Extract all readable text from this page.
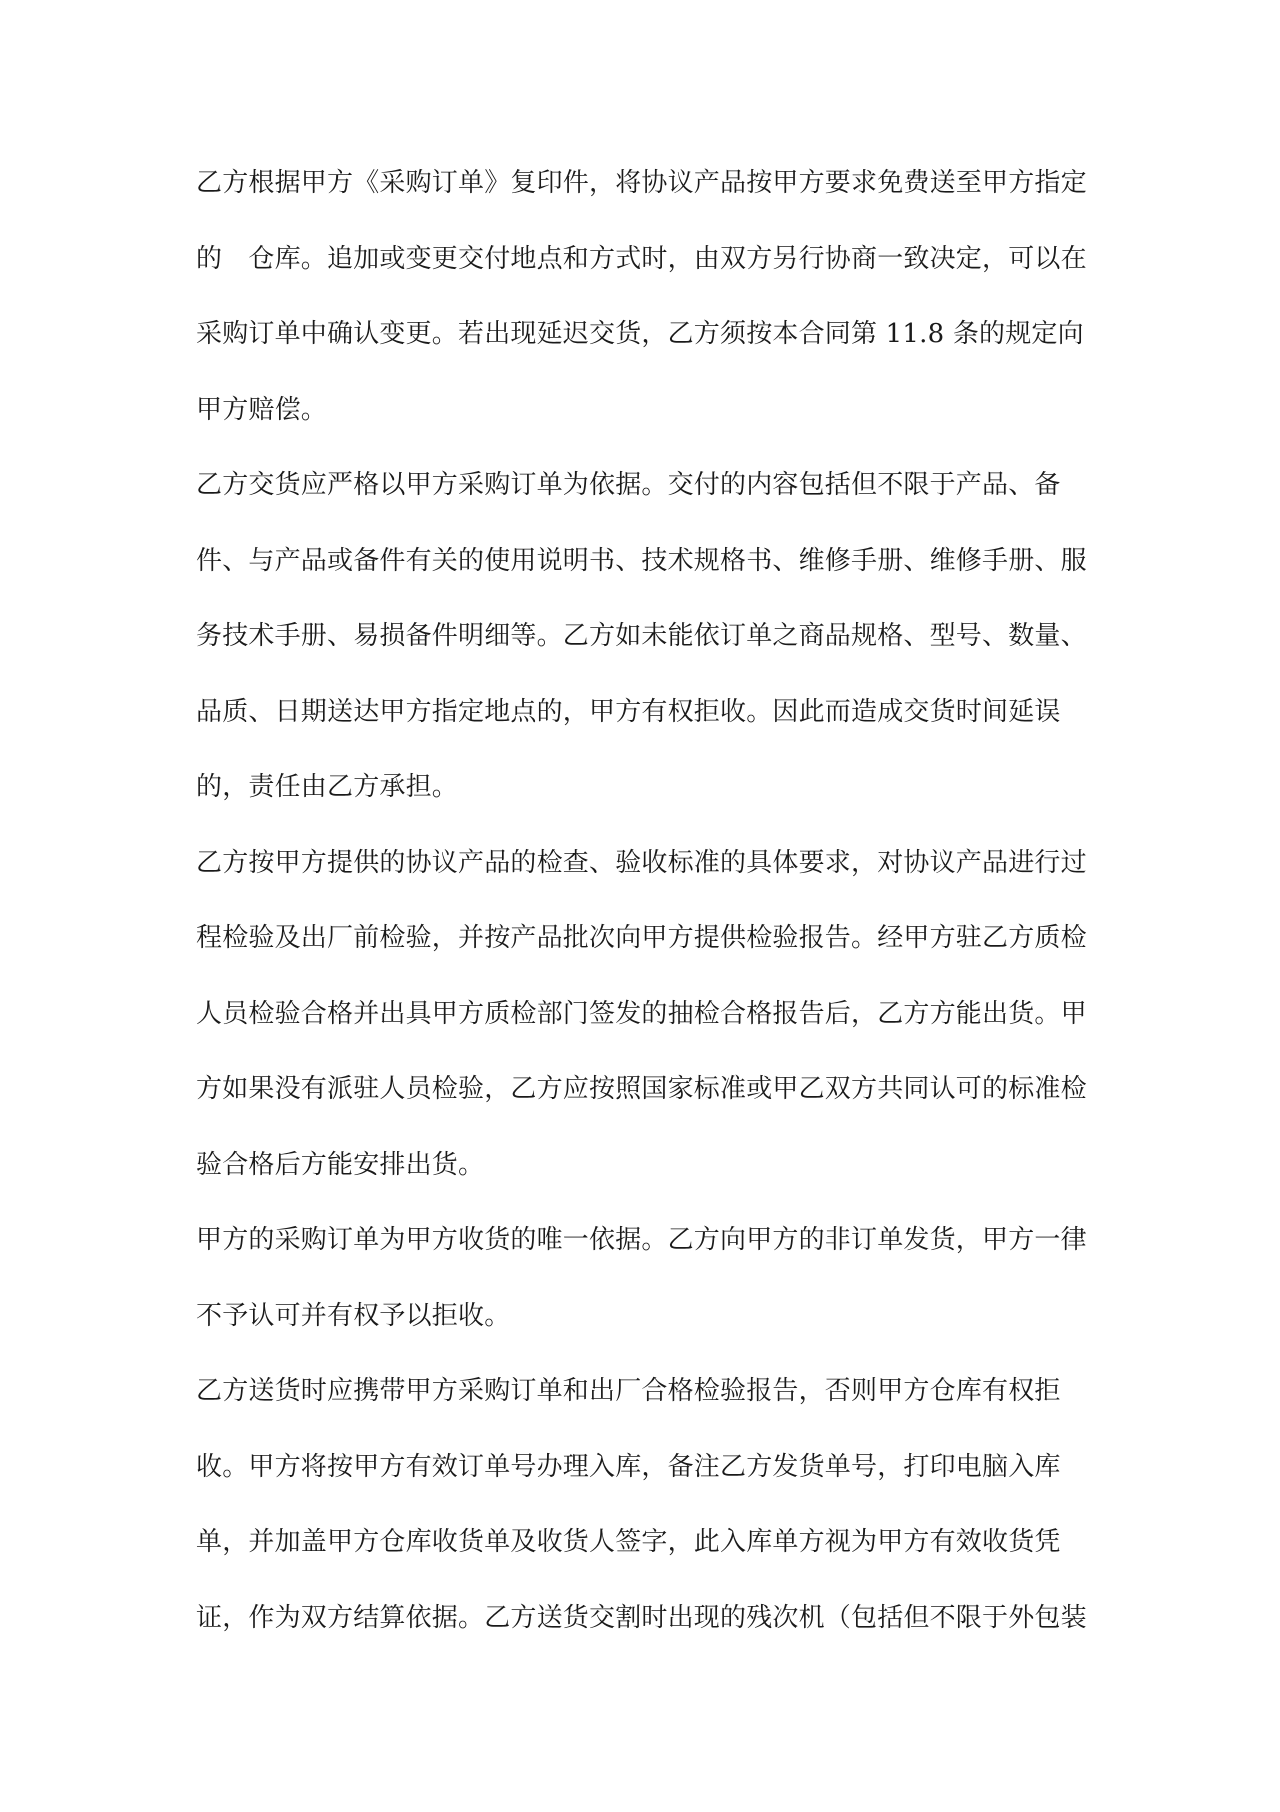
乙方根据甲方《采购订单》复印件，将协议产品按甲方要求免费送至甲方指定
的　仓库。追加或变更交付地点和方式时，由双方另行协商一致决定，可以在
采购订单中确认变更。若出现延迟交货，乙方须按本合同第 11.8 条的规定向
甲方赔偿。
乙方交货应严格以甲方采购订单为依据。交付的内容包括但不限于产品、备
件、与产品或备件有关的使用说明书、技术规格书、维修手册、维修手册、服
务技术手册、易损备件明细等。乙方如未能依订单之商品规格、型号、数量、
品质、日期送达甲方指定地点的，甲方有权拒收。因此而造成交货时间延误
的，责任由乙方承担。
乙方按甲方提供的协议产品的检查、验收标准的具体要求，对协议产品进行过
程检验及出厂前检验，并按产品批次向甲方提供检验报告。经甲方驻乙方质检
人员检验合格并出具甲方质检部门签发的抽检合格报告后，乙方方能出货。甲
方如果没有派驻人员检验，乙方应按照国家标准或甲乙双方共同认可的标准检
验合格后方能安排出货。
甲方的采购订单为甲方收货的唯一依据。乙方向甲方的非订单发货，甲方一律
不予认可并有权予以拒收。
乙方送货时应携带甲方采购订单和出厂合格检验报告，否则甲方仓库有权拒
收。甲方将按甲方有效订单号办理入库，备注乙方发货单号，打印电脑入库
单，并加盖甲方仓库收货单及收货人签字，此入库单方视为甲方有效收货凭
证，作为双方结算依据。乙方送货交割时出现的残次机（包括但不限于外包装
